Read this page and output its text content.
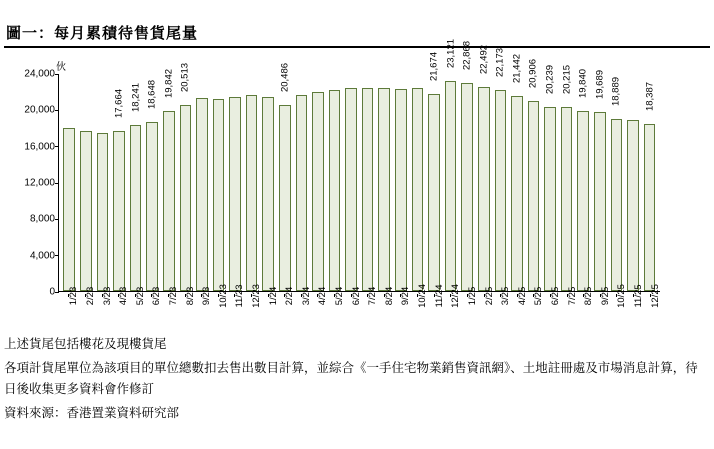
圖一：每月累積待售貨尾量
伙
17,664 18,241 18,648 19,842 20,513	20,486	21,674 23,121 22,868 22,492 22,173 21,442 20,906 20,239 20,215 19,840 19,689 18,889 18,387
0
4,000
8,000
12,000
16,000
20,000
24,000
1/23 2/23 3/23 4/23 5/23 6/23 7/23 8/23 9/23 10/23 11/23 12/23 1/24 2/24 3/24 4/24 5/24 6/24 7/24 8/24 9/24 10/24 11/24 12/24 1/25 2/25 3/25 4/25 5/25 6/25 7/25 8/25 9/25 10/25 11/25 12/25

上述貨尾包括樓花及現樓貨尾

各項計貨尾單位為該項目的單位總數扣去售出數目計算，並綜合《一手住宅物業銷售資訊網》、土地註冊處及市場消息計算，待日後收集更多資料會作修訂

資料來源：香港置業資料研究部
